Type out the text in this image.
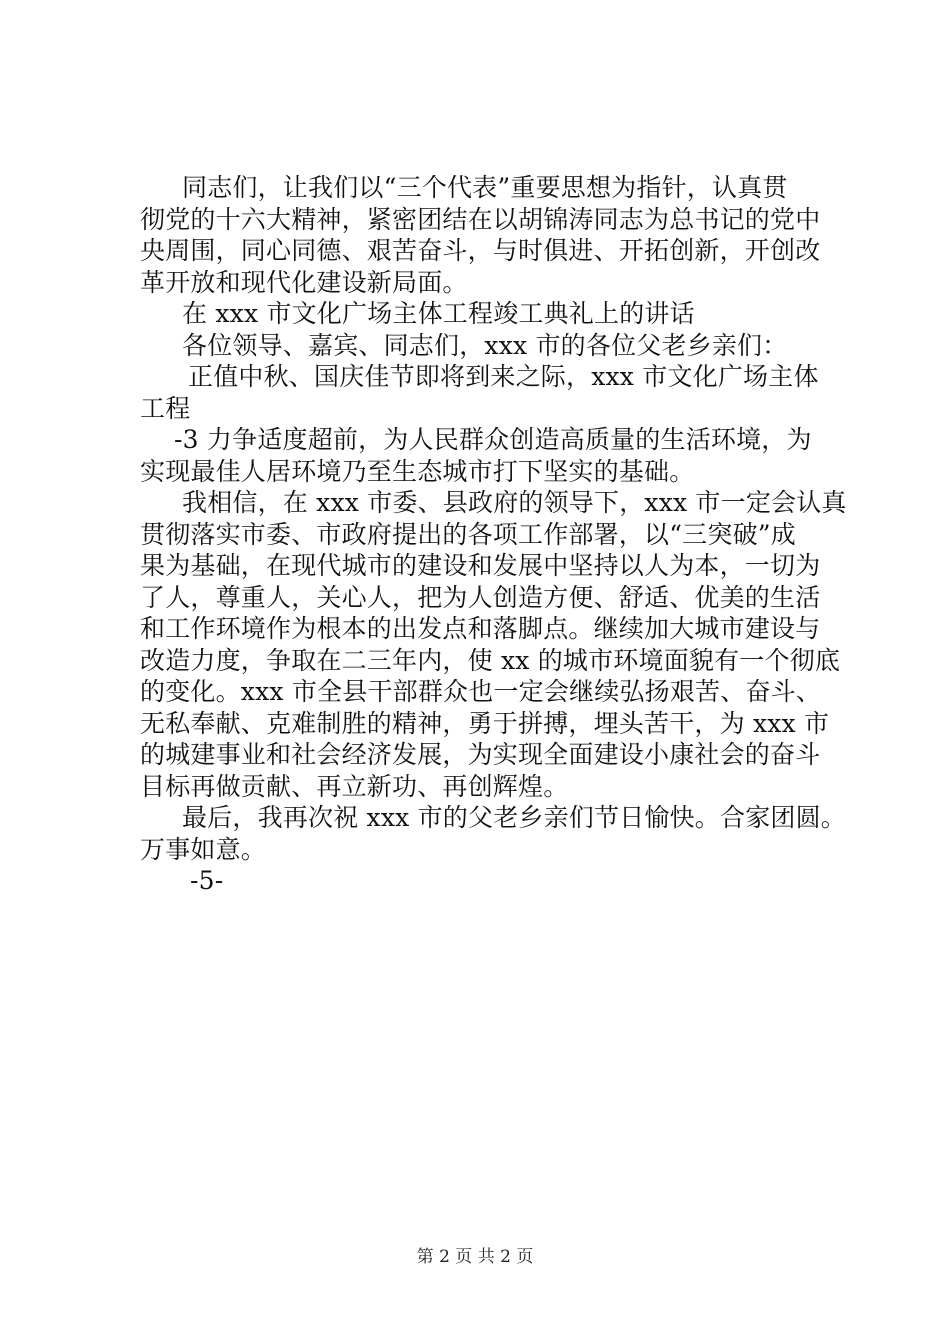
同志们，让我们以“三个代表”重要思想为指针，认真贯
彻党的十六大精神，紧密团结在以胡锦涛同志为总书记的党中
央周围，同心同德、艰苦奋斗，与时俱进、开拓创新，开创改
革开放和现代化建设新局面。
在 xxx 市文化广场主体工程竣工典礼上的讲话
各位领导、嘉宾、同志们，xxx 市的各位父老乡亲们：
正值中秋、国庆佳节即将到来之际，xxx 市文化广场主体
工程
-3 力争适度超前，为人民群众创造高质量的生活环境，为
实现最佳人居环境乃至生态城市打下坚实的基础。
我相信，在 xxx 市委、县政府的领导下，xxx 市一定会认真
贯彻落实市委、市政府提出的各项工作部署，以“三突破”成
果为基础，在现代城市的建设和发展中坚持以人为本，一切为
了人，尊重人，关心人，把为人创造方便、舒适、优美的生活
和工作环境作为根本的出发点和落脚点。继续加大城市建设与
改造力度，争取在二三年内，使 xx 的城市环境面貌有一个彻底
的变化。xxx 市全县干部群众也一定会继续弘扬艰苦、奋斗、
无私奉献、克难制胜的精神，勇于拼搏，埋头苦干，为 xxx 市
的城建事业和社会经济发展，为实现全面建设小康社会的奋斗
目标再做贡献、再立新功、再创辉煌。
最后，我再次祝 xxx 市的父老乡亲们节日愉快。合家团圆。
万事如意。
-5-
第 2 页 共 2 页
